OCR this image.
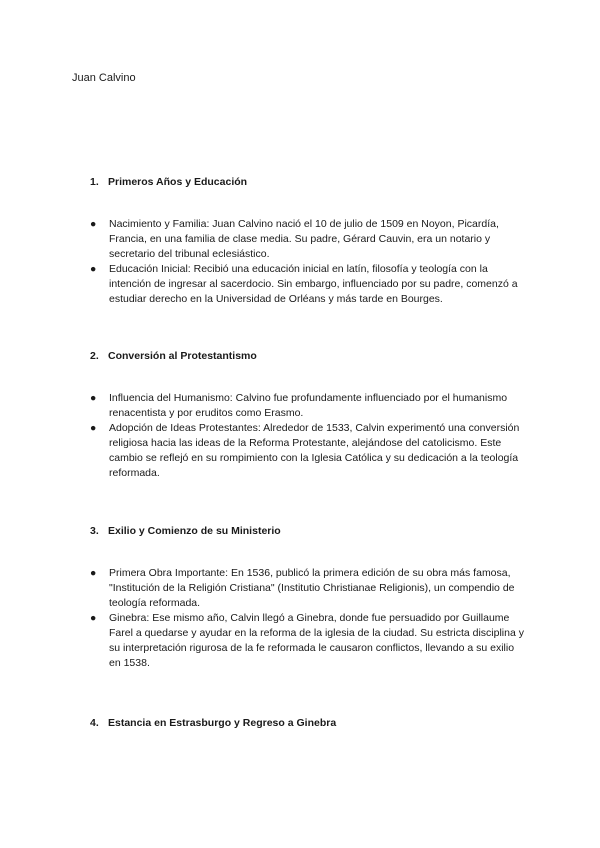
Juan Calvino
1. Primeros Años y Educación
● Nacimiento y Familia: Juan Calvino nació el 10 de julio de 1509 en Noyon, Picardía, Francia, en una familia de clase media. Su padre, Gérard Cauvin, era un notario y secretario del tribunal eclesiástico.
● Educación Inicial: Recibió una educación inicial en latín, filosofía y teología con la intención de ingresar al sacerdocio. Sin embargo, influenciado por su padre, comenzó a estudiar derecho en la Universidad de Orléans y más tarde en Bourges.
2. Conversión al Protestantismo
● Influencia del Humanismo: Calvino fue profundamente influenciado por el humanismo renacentista y por eruditos como Erasmo.
● Adopción de Ideas Protestantes: Alrededor de 1533, Calvin experimentó una conversión religiosa hacia las ideas de la Reforma Protestante, alejándose del catolicismo. Este cambio se reflejó en su rompimiento con la Iglesia Católica y su dedicación a la teología reformada.
3. Exilio y Comienzo de su Ministerio
● Primera Obra Importante: En 1536, publicó la primera edición de su obra más famosa, "Institución de la Religión Cristiana" (Institutio Christianae Religionis), un compendio de teología reformada.
● Ginebra: Ese mismo año, Calvin llegó a Ginebra, donde fue persuadido por Guillaume Farel a quedarse y ayudar en la reforma de la iglesia de la ciudad. Su estricta disciplina y su interpretación rigurosa de la fe reformada le causaron conflictos, llevando a su exilio en 1538.
4. Estancia en Estrasburgo y Regreso a Ginebra
